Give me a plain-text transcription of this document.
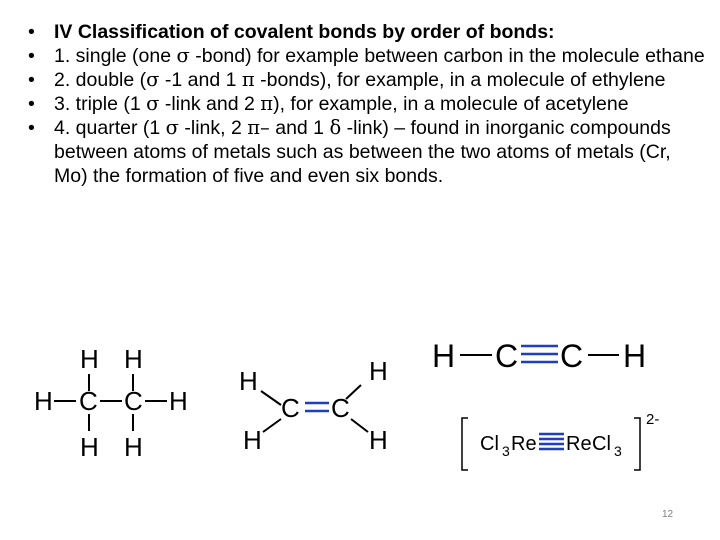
• IV Classification of covalent bonds by order of bonds:
• 1. single (one σ -bond) for example between carbon in the molecule ethane
• 2. double (σ -1 and 1 π -bonds), for example, in a molecule of ethylene
• 3. triple (1 σ -link and 2 π), for example, in a molecule of acetylene
• 4. quarter (1 σ -link, 2 π– and 1 δ -link) – found in inorganic compounds between atoms of metals such as between the two atoms of metals (Cr, Mo) the formation of five and even six bonds.
H H
H C C H
H H
H	H
C C
H	H
H C C H
Cl 3 Re Re Cl 3
2-
12
